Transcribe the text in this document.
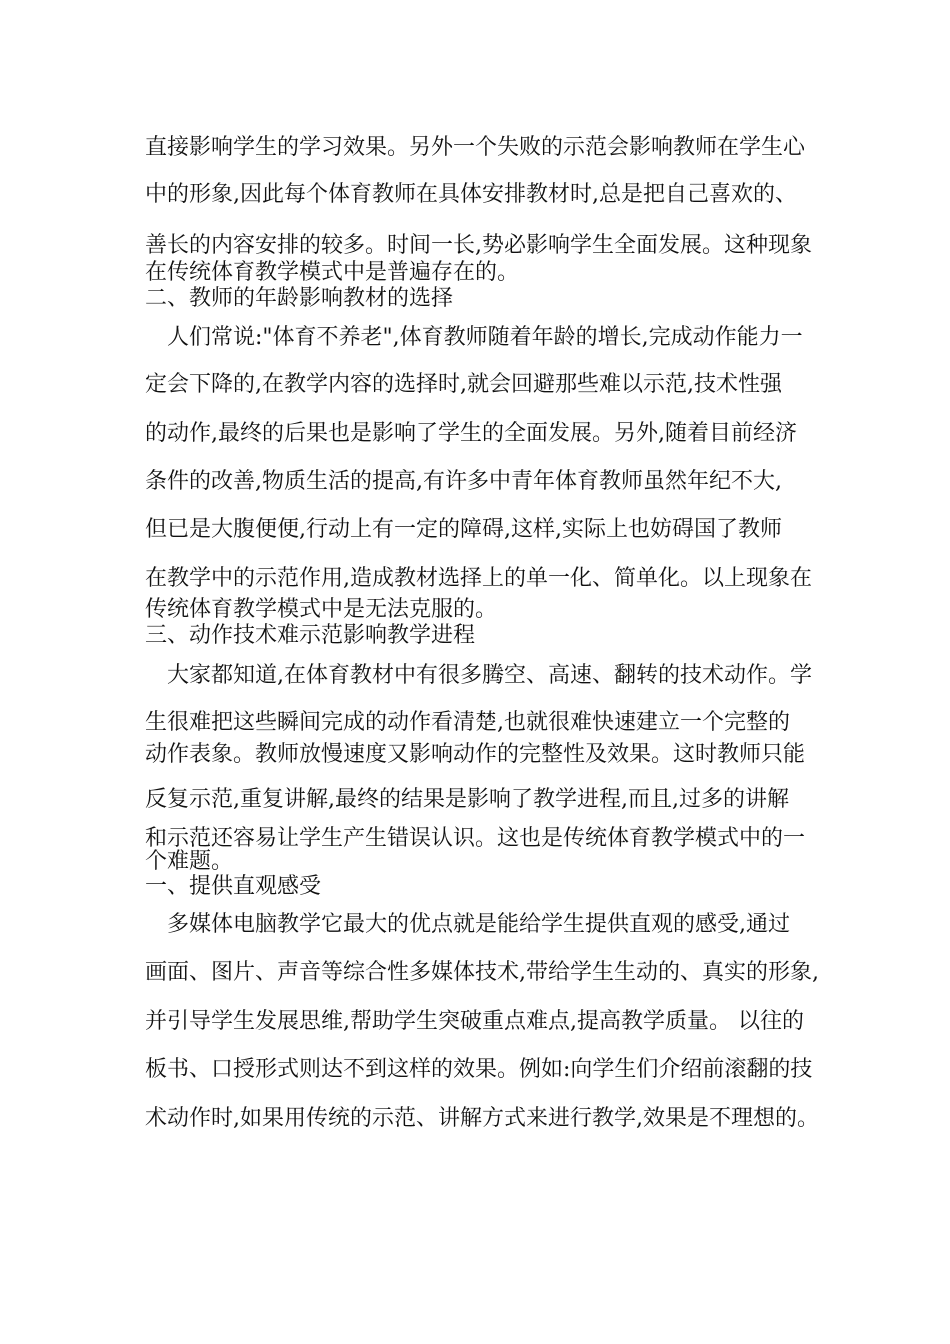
直接影响学生的学习效果。另外一个失败的示范会影响教师在学生心
中的形象,因此每个体育教师在具体安排教材时,总是把自己喜欢的、
善长的内容安排的较多。时间一长,势必影响学生全面发展。这种现象
在传统体育教学模式中是普遍存在的。
二、教师的年龄影响教材的选择
　人们常说:"体育不养老",体育教师随着年龄的增长,完成动作能力一
定会下降的,在教学内容的选择时,就会回避那些难以示范,技术性强
的动作,最终的后果也是影响了学生的全面发展。另外,随着目前经济
条件的改善,物质生活的提高,有许多中青年体育教师虽然年纪不大,
但已是大腹便便,行动上有一定的障碍,这样,实际上也妨碍国了教师
在教学中的示范作用,造成教材选择上的单一化、简单化。以上现象在
传统体育教学模式中是无法克服的。
三、动作技术难示范影响教学进程
　大家都知道,在体育教材中有很多腾空、高速、翻转的技术动作。学
生很难把这些瞬间完成的动作看清楚,也就很难快速建立一个完整的
动作表象。教师放慢速度又影响动作的完整性及效果。这时教师只能
反复示范,重复讲解,最终的结果是影响了教学进程,而且,过多的讲解
和示范还容易让学生产生错误认识。这也是传统体育教学模式中的一
个难题。
一、提供直观感受
　多媒体电脑教学它最大的优点就是能给学生提供直观的感受,通过
画面、图片、声音等综合性多媒体技术,带给学生生动的、真实的形象,
并引导学生发展思维,帮助学生突破重点难点,提高教学质量。 以往的
板书、口授形式则达不到这样的效果。例如:向学生们介绍前滚翻的技
术动作时,如果用传统的示范、讲解方式来进行教学,效果是不理想的。
